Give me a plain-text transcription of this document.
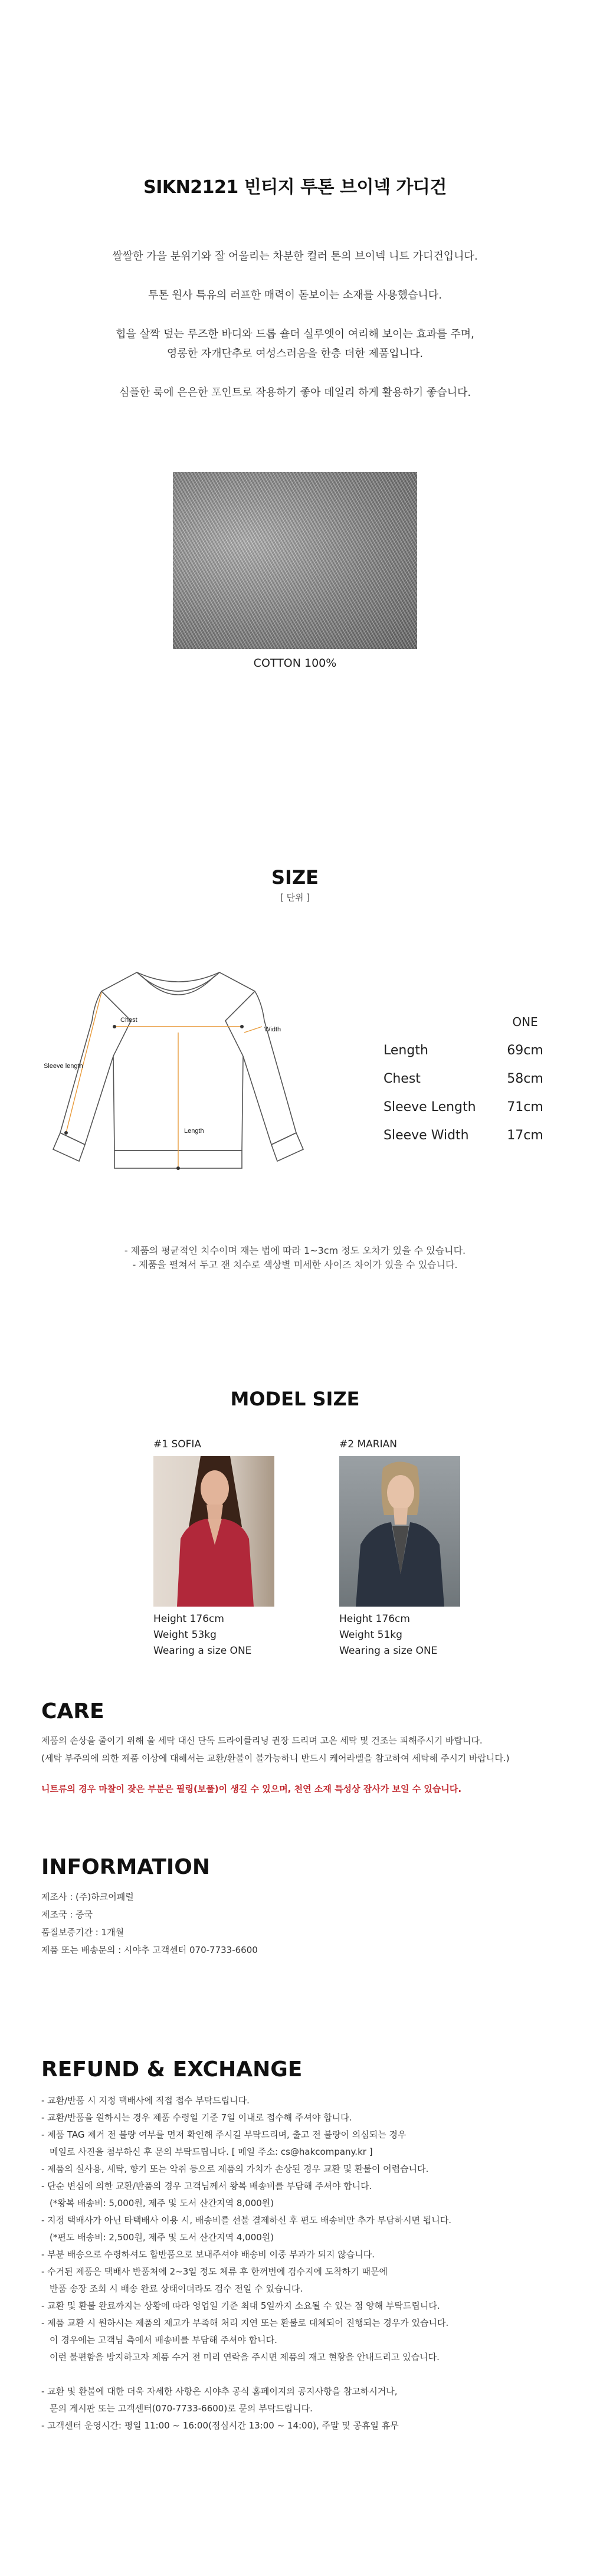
SIKN2121 빈티지 투톤 브이넥 가디건

쌀쌀한 가을 분위기와 잘 어울리는 차분한 컬러 톤의 브이넥 니트 가디건입니다.

투톤 원사 특유의 러프한 매력이 돋보이는 소재를 사용했습니다.

힙을 살짝 덮는 루즈한 바디와 드롭 숄더 실루엣이 여리해 보이는 효과를 주며,

영롱한 자개단추로 여성스러움을 한층 더한 제품입니다.

심플한 룩에 은은한 포인트로 작용하기 좋아 데일리 하게 활용하기 좋습니다.

COTTON 100%
SIZE
[ 단위 ]
Chest
Width
Sleeve length
Length
ONE
Length	69cm
Chest	58cm
Sleeve Length	71cm
Sleeve Width	17cm
- 제품의 평균적인 치수이며 재는 법에 따라 1~3cm 정도 오차가 있을 수 있습니다.
- 제품을 펼쳐서 두고 잰 치수로 색상별 미세한 사이즈 차이가 있을 수 있습니다.
MODEL SIZE
#1 SOFIA
Height 176cm
Weight 53kg
Wearing a size ONE
#2 MARIAN
Height 176cm
Weight 51kg
Wearing a size ONE
CARE
제품의 손상을 줄이기 위해 울 세탁 대신 단독 드라이클리닝 권장 드리며 고온 세탁 및 건조는 피해주시기 바랍니다.
(세탁 부주의에 의한 제품 이상에 대해서는 교환/환불이 불가능하니 반드시 케어라벨을 참고하여 세탁해 주시기 바랍니다.)
니트류의 경우 마찰이 잦은 부분은 필링(보풀)이 생길 수 있으며, 천연 소재 특성상 잡사가 보일 수 있습니다.
INFORMATION
제조사 : (주)하크어패럴
제조국 : 중국
품질보증기간 : 1개월
제품 또는 배송문의 : 시야추 고객센터 070-7733-6600
REFUND & EXCHANGE
- 교환/반품 시 지정 택배사에 직접 접수 부탁드립니다.
- 교환/반품을 원하시는 경우 제품 수령일 기준 7일 이내로 접수해 주셔야 합니다.
- 제품 TAG 제거 전 불량 여부를 먼저 확인해 주시길 부탁드리며, 출고 전 불량이 의심되는 경우
메일로 사진을 첨부하신 후 문의 부탁드립니다. [ 메일 주소: cs@hakcompany.kr ]
- 제품의 실사용, 세탁, 향기 또는 악취 등으로 제품의 가치가 손상된 경우 교환 및 환불이 어렵습니다.
- 단순 변심에 의한 교환/반품의 경우 고객님께서 왕복 배송비를 부담해 주셔야 합니다.
(*왕복 배송비: 5,000원, 제주 및 도서 산간지역 8,000원)
- 지정 택배사가 아닌 타택배사 이용 시, 배송비를 선불 결제하신 후 편도 배송비만 추가 부담하시면 됩니다.
(*편도 배송비: 2,500원, 제주 및 도서 산간지역 4,000원)
- 부분 배송으로 수령하셔도 합반품으로 보내주셔야 배송비 이중 부과가 되지 않습니다.
- 수거된 제품은 택배사 반품처에 2~3일 정도 체류 후 한꺼번에 검수지에 도착하기 때문에
반품 송장 조회 시 배송 완료 상태이더라도 검수 전일 수 있습니다.
- 교환 및 환불 완료까지는 상황에 따라 영업일 기준 최대 5일까지 소요될 수 있는 점 양해 부탁드립니다.
- 제품 교환 시 원하시는 제품의 재고가 부족해 처리 지연 또는 환불로 대체되어 진행되는 경우가 있습니다.
이 경우에는 고객님 측에서 배송비를 부담해 주셔야 합니다.
이런 불편함을 방지하고자 제품 수거 전 미리 연락을 주시면 제품의 재고 현황을 안내드리고 있습니다.
- 교환 및 환불에 대한 더욱 자세한 사항은 시야추 공식 홈페이지의 공지사항을 참고하시거나,
문의 게시판 또는 고객센터(070-7733-6600)로 문의 부탁드립니다.
- 고객센터 운영시간: 평일 11:00 ~ 16:00(점심시간 13:00 ~ 14:00), 주말 및 공휴일 휴무
